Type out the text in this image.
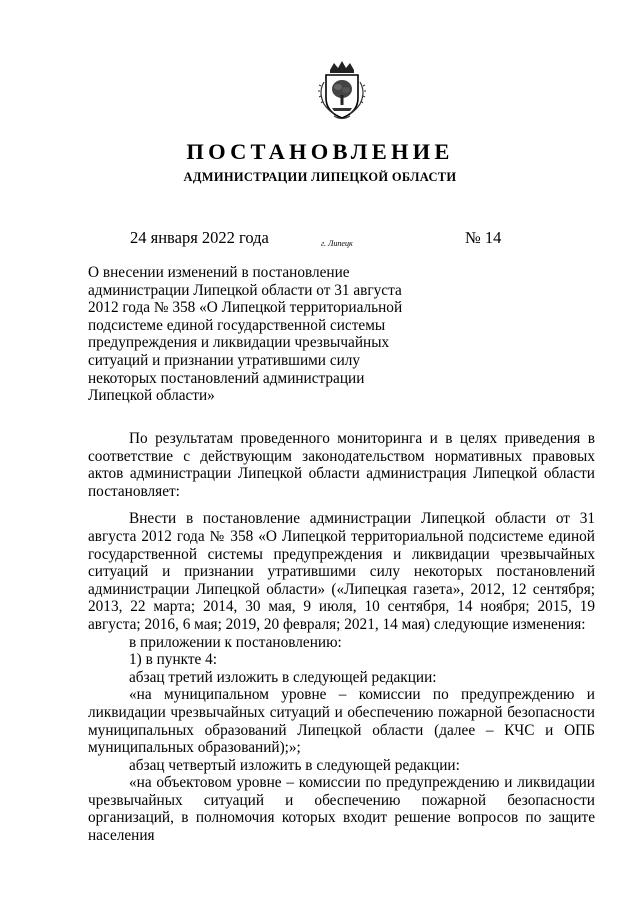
ПОСТАНОВЛЕНИЕ
АДМИНИСТРАЦИИ ЛИПЕЦКОЙ ОБЛАСТИ
24 января 2022 года	г. Липецк	№ 14

О внесении изменений в постановление
администрации Липецкой области от 31 августа
2012 года № 358 «О Липецкой территориальной
подсистеме единой государственной системы
предупреждения и ликвидации чрезвычайных
ситуаций и признании утратившими силу
некоторых постановлений администрации
Липецкой области»

По результатам проведенного мониторинга и в целях приведения в соответствие с действующим законодательством нормативных правовых актов администрации Липецкой области администрация Липецкой области постановляет:

Внести в постановление администрации Липецкой области от 31 августа 2012 года № 358 «О Липецкой территориальной подсистеме единой государственной системы предупреждения и ликвидации чрезвычайных ситуаций и признании утратившими силу некоторых постановлений администрации Липецкой области» («Липецкая газета», 2012, 12 сентября; 2013, 22 марта; 2014, 30 мая, 9 июля, 10 сентября, 14 ноября; 2015, 19 августа; 2016, 6 мая; 2019, 20 февраля; 2021, 14 мая) следующие изменения:

в приложении к постановлению:

1) в пункте 4:

абзац третий изложить в следующей редакции:

«на муниципальном уровне – комиссии по предупреждению и ликвидации чрезвычайных ситуаций и обеспечению пожарной безопасности муниципальных образований Липецкой области (далее – КЧС и ОПБ муниципальных образований);»;

абзац четвертый изложить в следующей редакции:

«на объектовом уровне – комиссии по предупреждению и ликвидации чрезвычайных ситуаций и обеспечению пожарной безопасности организаций, в полномочия которых входит решение вопросов по защите населения
